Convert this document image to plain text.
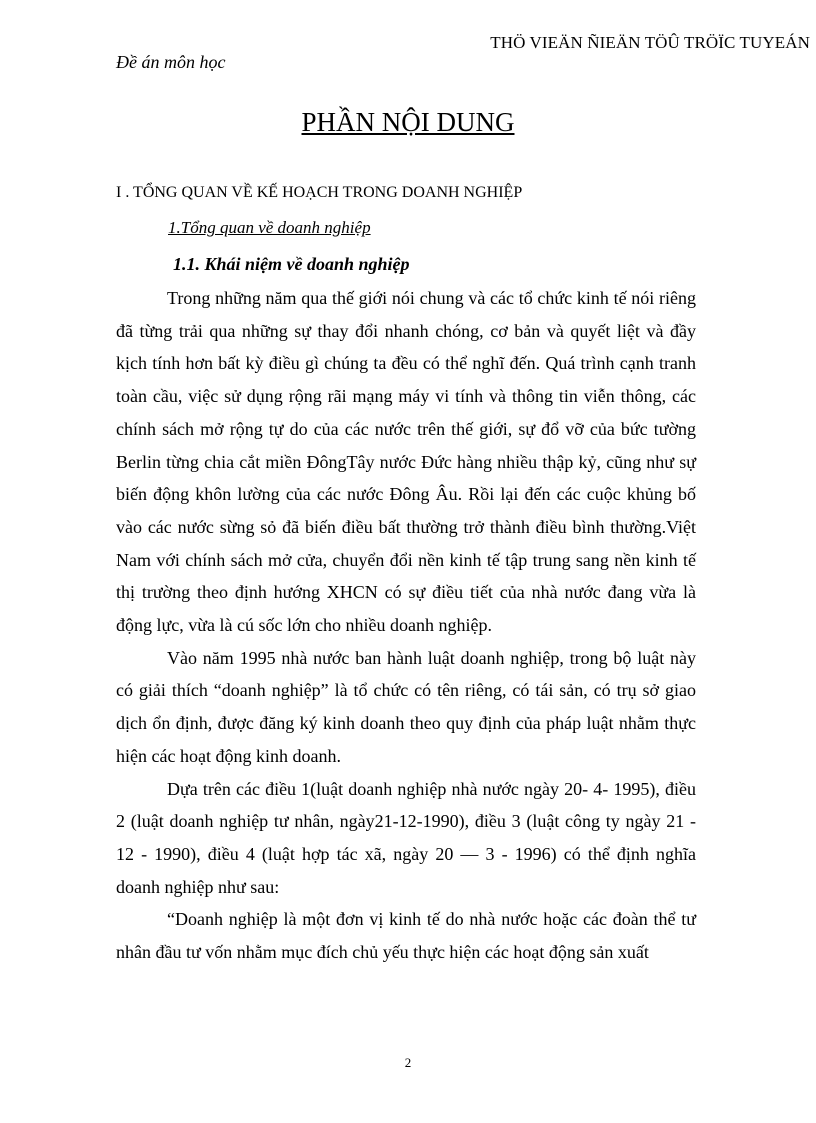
THÖ VIEÄN ÑIEÄN TÖÛ TRÖÏC TUYEÁN
Đề án môn học
PHẦN NỘI DUNG
I . TỔNG QUAN VỀ KẾ HOẠCH TRONG DOANH NGHIỆP
1.Tổng quan về doanh nghiệp
1.1. Khái niệm về doanh nghiệp

Trong những năm qua thế giới nói chung và các tổ chức kinh tế nói riêng đã từng trải qua những sự thay đổi nhanh chóng, cơ bản và quyết liệt và đầy kịch tính hơn bất kỳ điều gì chúng ta đều có thể nghĩ đến. Quá trình cạnh tranh toàn cầu, việc sử dụng rộng rãi mạng máy vi tính và thông tin viễn thông, các chính sách mở rộng tự do của các nước trên thế giới, sự đổ vỡ của bức tường Berlin từng chia cắt miền ĐôngTây nước Đức hàng nhiều thập kỷ, cũng như sự biến động khôn lường của các nước Đông Âu. Rồi lại đến các cuộc khủng bố vào các nước sừng sỏ đã biến điều bất thường trở thành điều bình thường.Việt Nam với chính sách mở cửa, chuyển đổi nền kinh tế tập trung sang nền kinh tế thị trường theo định hướng XHCN có sự điều tiết của nhà nước đang vừa là động lực, vừa là cú sốc lớn cho nhiều doanh nghiệp.

Vào năm 1995 nhà nước ban hành luật doanh nghiệp, trong bộ luật này có giải thích “doanh nghiệp” là tổ chức có tên riêng, có tái sản, có trụ sở giao dịch ổn định, được đăng ký kinh doanh theo quy định của pháp luật nhằm thực hiện các hoạt động kinh doanh.

Dựa trên các điều 1(luật doanh nghiệp nhà nước ngày 20- 4- 1995), điều 2 (luật doanh nghiệp tư nhân, ngày21-12-1990), điều 3 (luật công ty ngày 21 - 12 - 1990), điều 4 (luật hợp tác xã, ngày 20 — 3 - 1996) có thể định nghĩa doanh nghiệp như sau:

“Doanh nghiệp là một đơn vị kinh tế do nhà nước hoặc các đoàn thể tư nhân đầu tư vốn nhằm mục đích chủ yếu thực hiện các hoạt động sản xuất

2
